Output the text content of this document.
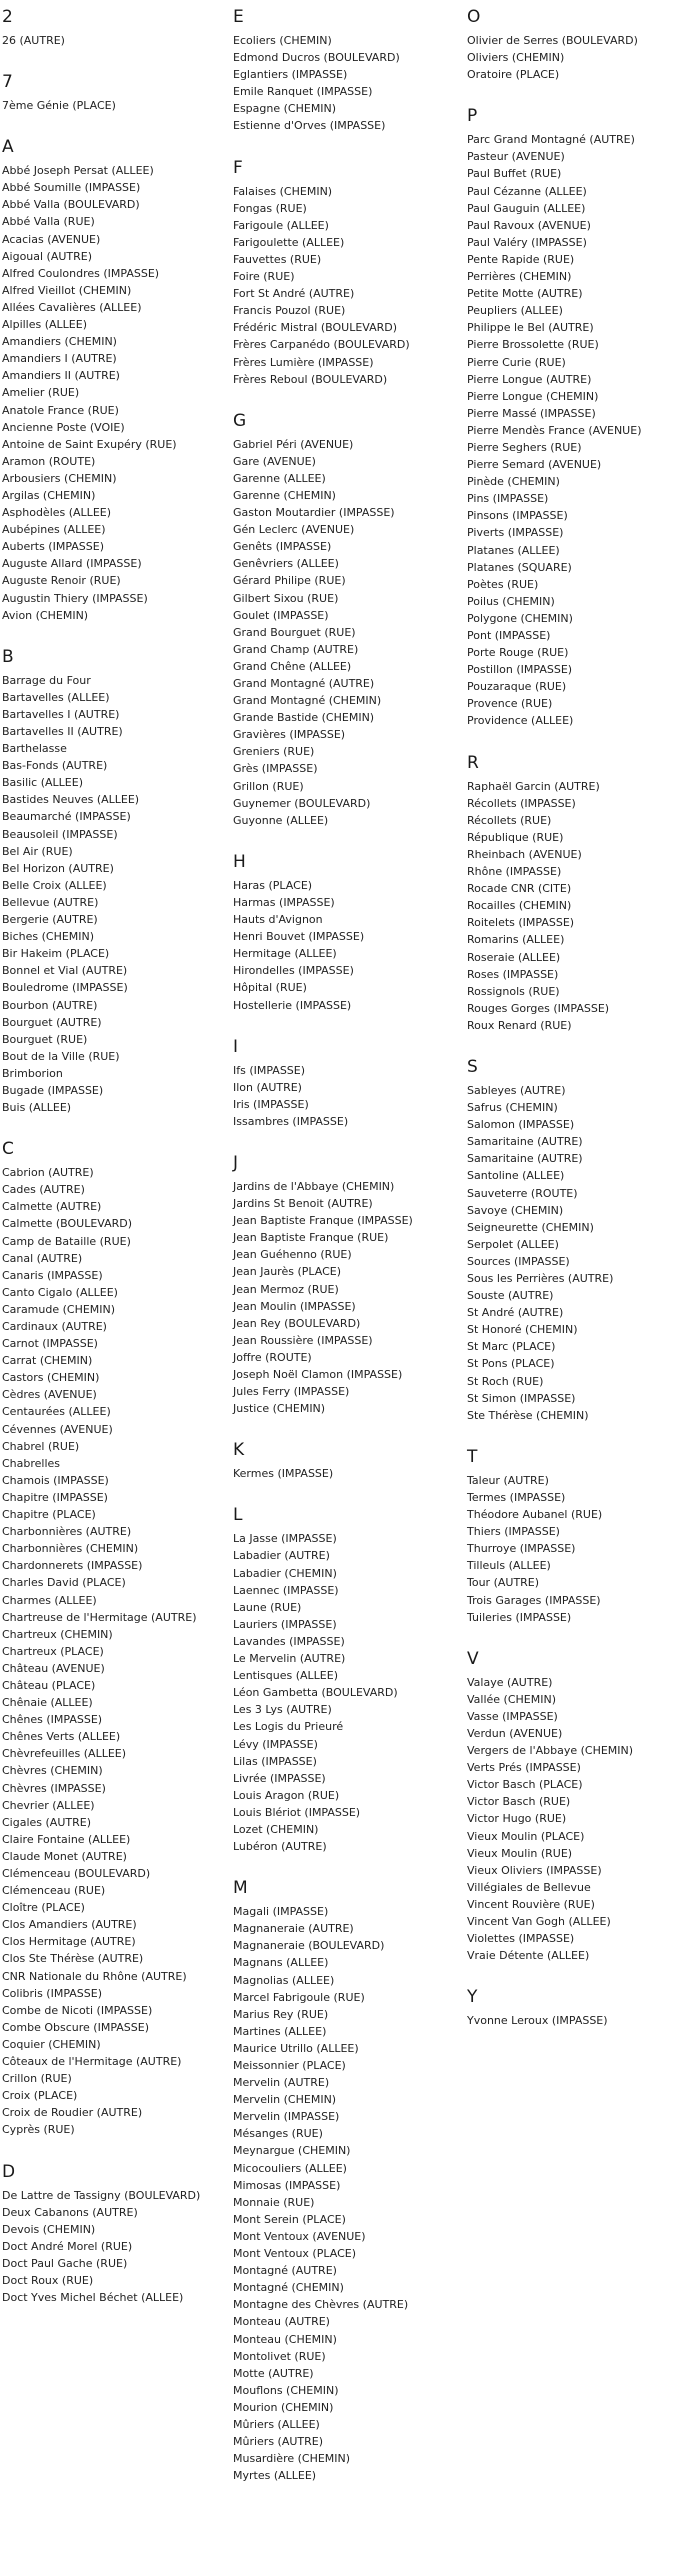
2
26 (AUTRE)
7
7ème Génie (PLACE)
A
Abbé Joseph Persat (ALLEE)
Abbé Soumille (IMPASSE)
Abbé Valla (BOULEVARD)
Abbé Valla (RUE)
Acacias (AVENUE)
Aigoual (AUTRE)
Alfred Coulondres (IMPASSE)
Alfred Vieillot (CHEMIN)
Allées Cavalières (ALLEE)
Alpilles (ALLEE)
Amandiers (CHEMIN)
Amandiers I (AUTRE)
Amandiers II (AUTRE)
Amelier (RUE)
Anatole France (RUE)
Ancienne Poste (VOIE)
Antoine de Saint Exupéry (RUE)
Aramon (ROUTE)
Arbousiers (CHEMIN)
Argilas (CHEMIN)
Asphodèles (ALLEE)
Aubépines (ALLEE)
Auberts (IMPASSE)
Auguste Allard (IMPASSE)
Auguste Renoir (RUE)
Augustin Thiery (IMPASSE)
Avion (CHEMIN)
B
Barrage du Four
Bartavelles (ALLEE)
Bartavelles I (AUTRE)
Bartavelles II (AUTRE)
Barthelasse
Bas-Fonds (AUTRE)
Basilic (ALLEE)
Bastides Neuves (ALLEE)
Beaumarché (IMPASSE)
Beausoleil (IMPASSE)
Bel Air (RUE)
Bel Horizon (AUTRE)
Belle Croix (ALLEE)
Bellevue (AUTRE)
Bergerie (AUTRE)
Biches (CHEMIN)
Bir Hakeim (PLACE)
Bonnel et Vial (AUTRE)
Bouledrome (IMPASSE)
Bourbon (AUTRE)
Bourguet (AUTRE)
Bourguet (RUE)
Bout de la Ville (RUE)
Brimborion
Bugade (IMPASSE)
Buis (ALLEE)
C
Cabrion (AUTRE)
Cades (AUTRE)
Calmette (AUTRE)
Calmette (BOULEVARD)
Camp de Bataille (RUE)
Canal (AUTRE)
Canaris (IMPASSE)
Canto Cigalo (ALLEE)
Caramude (CHEMIN)
Cardinaux (AUTRE)
Carnot (IMPASSE)
Carrat (CHEMIN)
Castors (CHEMIN)
Cèdres (AVENUE)
Centaurées (ALLEE)
Cévennes (AVENUE)
Chabrel (RUE)
Chabrelles
Chamois (IMPASSE)
Chapitre (IMPASSE)
Chapitre (PLACE)
Charbonnières (AUTRE)
Charbonnières (CHEMIN)
Chardonnerets (IMPASSE)
Charles David (PLACE)
Charmes (ALLEE)
Chartreuse de l'Hermitage (AUTRE)
Chartreux (CHEMIN)
Chartreux (PLACE)
Château (AVENUE)
Château (PLACE)
Chênaie (ALLEE)
Chênes (IMPASSE)
Chênes Verts (ALLEE)
Chèvrefeuilles (ALLEE)
Chèvres (CHEMIN)
Chèvres (IMPASSE)
Chevrier (ALLEE)
Cigales (AUTRE)
Claire Fontaine (ALLEE)
Claude Monet (AUTRE)
Clémenceau (BOULEVARD)
Clémenceau (RUE)
Cloître (PLACE)
Clos Amandiers (AUTRE)
Clos Hermitage (AUTRE)
Clos Ste Thérèse (AUTRE)
CNR Nationale du Rhône (AUTRE)
Colibris (IMPASSE)
Combe de Nicoti (IMPASSE)
Combe Obscure (IMPASSE)
Coquier (CHEMIN)
Côteaux de l'Hermitage (AUTRE)
Crillon (RUE)
Croix (PLACE)
Croix de Roudier (AUTRE)
Cyprès (RUE)
D
De Lattre de Tassigny (BOULEVARD)
Deux Cabanons (AUTRE)
Devois (CHEMIN)
Doct André Morel (RUE)
Doct Paul Gache (RUE)
Doct Roux (RUE)
Doct Yves Michel Béchet (ALLEE)
E
Ecoliers (CHEMIN)
Edmond Ducros (BOULEVARD)
Eglantiers (IMPASSE)
Emile Ranquet (IMPASSE)
Espagne (CHEMIN)
Estienne d'Orves (IMPASSE)
F
Falaises (CHEMIN)
Fongas (RUE)
Farigoule (ALLEE)
Farigoulette (ALLEE)
Fauvettes (RUE)
Foire (RUE)
Fort St André (AUTRE)
Francis Pouzol (RUE)
Frédéric Mistral (BOULEVARD)
Frères Carpanédo (BOULEVARD)
Frères Lumière (IMPASSE)
Frères Reboul (BOULEVARD)
G
Gabriel Péri (AVENUE)
Gare (AVENUE)
Garenne (ALLEE)
Garenne (CHEMIN)
Gaston Moutardier (IMPASSE)
Gén Leclerc (AVENUE)
Genêts (IMPASSE)
Genêvriers (ALLEE)
Gérard Philipe (RUE)
Gilbert Sixou (RUE)
Goulet (IMPASSE)
Grand Bourguet (RUE)
Grand Champ (AUTRE)
Grand Chêne (ALLEE)
Grand Montagné (AUTRE)
Grand Montagné (CHEMIN)
Grande Bastide (CHEMIN)
Gravières (IMPASSE)
Greniers (RUE)
Grès (IMPASSE)
Grillon (RUE)
Guynemer (BOULEVARD)
Guyonne (ALLEE)
H
Haras (PLACE)
Harmas (IMPASSE)
Hauts d'Avignon
Henri Bouvet (IMPASSE)
Hermitage (ALLEE)
Hirondelles (IMPASSE)
Hôpital (RUE)
Hostellerie (IMPASSE)
I
Ifs (IMPASSE)
Ilon (AUTRE)
Iris (IMPASSE)
Issambres (IMPASSE)
J
Jardins de l'Abbaye (CHEMIN)
Jardins St Benoit (AUTRE)
Jean Baptiste Franque (IMPASSE)
Jean Baptiste Franque (RUE)
Jean Guéhenno (RUE)
Jean Jaurès (PLACE)
Jean Mermoz (RUE)
Jean Moulin (IMPASSE)
Jean Rey (BOULEVARD)
Jean Roussière (IMPASSE)
Joffre (ROUTE)
Joseph Noël Clamon (IMPASSE)
Jules Ferry (IMPASSE)
Justice (CHEMIN)
K
Kermes (IMPASSE)
L
La Jasse (IMPASSE)
Labadier (AUTRE)
Labadier (CHEMIN)
Laennec (IMPASSE)
Laune (RUE)
Lauriers (IMPASSE)
Lavandes (IMPASSE)
Le Mervelin (AUTRE)
Lentisques (ALLEE)
Léon Gambetta (BOULEVARD)
Les 3 Lys (AUTRE)
Les Logis du Prieuré
Lévy (IMPASSE)
Lilas (IMPASSE)
Livrée (IMPASSE)
Louis Aragon (RUE)
Louis Blériot (IMPASSE)
Lozet (CHEMIN)
Lubéron (AUTRE)
M
Magali (IMPASSE)
Magnaneraie (AUTRE)
Magnaneraie (BOULEVARD)
Magnans (ALLEE)
Magnolias (ALLEE)
Marcel Fabrigoule (RUE)
Marius Rey (RUE)
Martines (ALLEE)
Maurice Utrillo (ALLEE)
Meissonnier (PLACE)
Mervelin (AUTRE)
Mervelin (CHEMIN)
Mervelin (IMPASSE)
Mésanges (RUE)
Meynargue (CHEMIN)
Micocouliers (ALLEE)
Mimosas (IMPASSE)
Monnaie (RUE)
Mont Serein (PLACE)
Mont Ventoux (AVENUE)
Mont Ventoux (PLACE)
Montagné (AUTRE)
Montagné (CHEMIN)
Montagne des Chèvres (AUTRE)
Monteau (AUTRE)
Monteau (CHEMIN)
Montolivet (RUE)
Motte (AUTRE)
Mouflons (CHEMIN)
Mourion (CHEMIN)
Mûriers (ALLEE)
Mûriers (AUTRE)
Musardière (CHEMIN)
Myrtes (ALLEE)
O
Olivier de Serres (BOULEVARD)
Oliviers (CHEMIN)
Oratoire (PLACE)
P
Parc Grand Montagné (AUTRE)
Pasteur (AVENUE)
Paul Buffet (RUE)
Paul Cézanne (ALLEE)
Paul Gauguin (ALLEE)
Paul Ravoux (AVENUE)
Paul Valéry (IMPASSE)
Pente Rapide (RUE)
Perrières (CHEMIN)
Petite Motte (AUTRE)
Peupliers (ALLEE)
Philippe le Bel (AUTRE)
Pierre Brossolette (RUE)
Pierre Curie (RUE)
Pierre Longue (AUTRE)
Pierre Longue (CHEMIN)
Pierre Massé (IMPASSE)
Pierre Mendès France (AVENUE)
Pierre Seghers (RUE)
Pierre Semard (AVENUE)
Pinède (CHEMIN)
Pins (IMPASSE)
Pinsons (IMPASSE)
Piverts (IMPASSE)
Platanes (ALLEE)
Platanes (SQUARE)
Poètes (RUE)
Poilus (CHEMIN)
Polygone (CHEMIN)
Pont (IMPASSE)
Porte Rouge (RUE)
Postillon (IMPASSE)
Pouzaraque (RUE)
Provence (RUE)
Providence (ALLEE)
R
Raphaël Garcin (AUTRE)
Récollets (IMPASSE)
Récollets (RUE)
République (RUE)
Rheinbach (AVENUE)
Rhône (IMPASSE)
Rocade CNR (CITE)
Rocailles (CHEMIN)
Roitelets (IMPASSE)
Romarins (ALLEE)
Roseraie (ALLEE)
Roses (IMPASSE)
Rossignols (RUE)
Rouges Gorges (IMPASSE)
Roux Renard (RUE)
S
Sableyes (AUTRE)
Safrus (CHEMIN)
Salomon (IMPASSE)
Samaritaine (AUTRE)
Samaritaine (AUTRE)
Santoline (ALLEE)
Sauveterre (ROUTE)
Savoye (CHEMIN)
Seigneurette (CHEMIN)
Serpolet (ALLEE)
Sources (IMPASSE)
Sous les Perrières (AUTRE)
Souste (AUTRE)
St André (AUTRE)
St Honoré (CHEMIN)
St Marc (PLACE)
St Pons (PLACE)
St Roch (RUE)
St Simon (IMPASSE)
Ste Thérèse (CHEMIN)
T
Taleur (AUTRE)
Termes (IMPASSE)
Théodore Aubanel (RUE)
Thiers (IMPASSE)
Thurroye (IMPASSE)
Tilleuls (ALLEE)
Tour (AUTRE)
Trois Garages (IMPASSE)
Tuileries (IMPASSE)
V
Valaye (AUTRE)
Vallée (CHEMIN)
Vasse (IMPASSE)
Verdun (AVENUE)
Vergers de l'Abbaye (CHEMIN)
Verts Prés (IMPASSE)
Victor Basch (PLACE)
Victor Basch (RUE)
Victor Hugo (RUE)
Vieux Moulin (PLACE)
Vieux Moulin (RUE)
Vieux Oliviers (IMPASSE)
Villégiales de Bellevue
Vincent Rouvière (RUE)
Vincent Van Gogh (ALLEE)
Violettes (IMPASSE)
Vraie Détente (ALLEE)
Y
Yvonne Leroux (IMPASSE)
